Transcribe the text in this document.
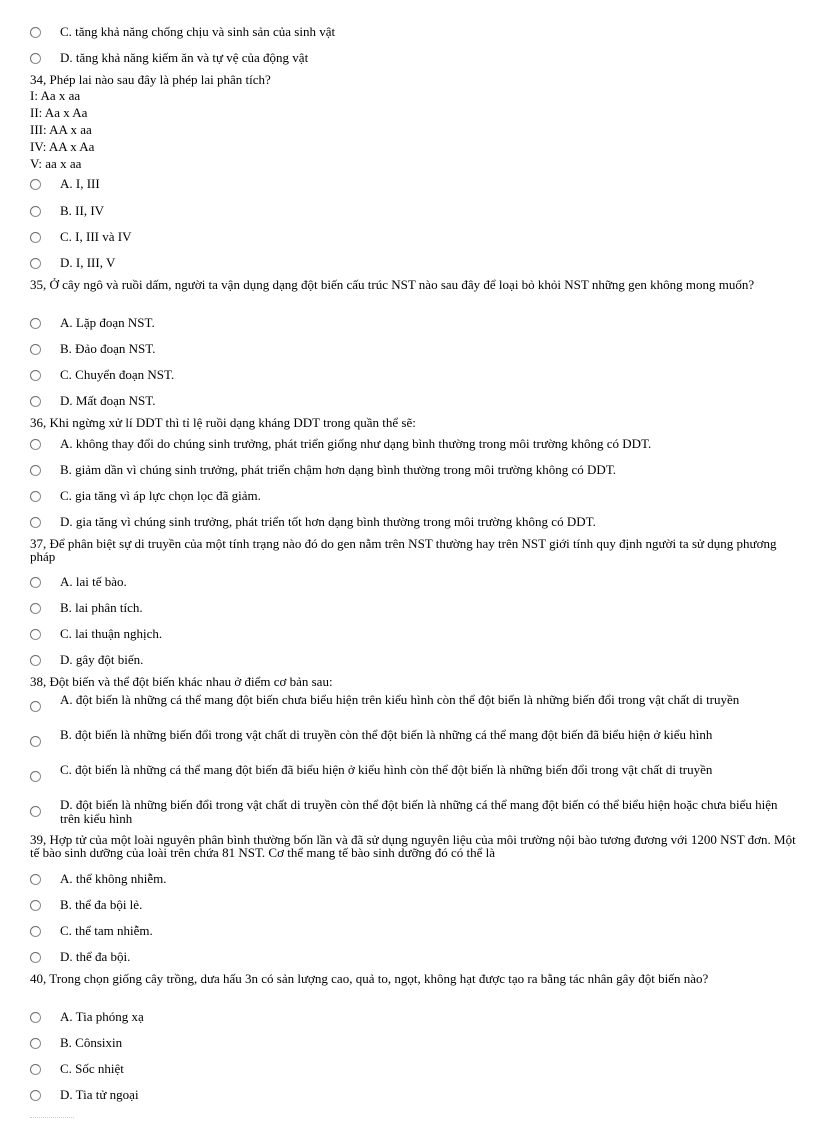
C. tăng khả năng chống chịu và sinh sản của sinh vật
D. tăng khả năng kiếm ăn và tự vệ của động vật
34, Phép lai nào sau đây là phép lai phân tích?
I: Aa x aa
II: Aa x Aa
III: AA x aa
IV: AA x Aa
V: aa x aa
A. I, III
B. II, IV
C. I, III và IV
D. I, III, V
35, Ở cây ngô và ruồi dấm, người ta vận dụng dạng đột biến cấu trúc NST nào sau đây để loại bỏ khỏi NST những gen không mong muốn?
A. Lặp đoạn NST.
B. Đảo đoạn NST.
C. Chuyển đoạn NST.
D. Mất đoạn NST.
36, Khi ngừng xử lí DDT thì tỉ lệ ruồi dạng kháng DDT trong quần thể sẽ:
A. không thay đổi do chúng sinh trưởng, phát triển giống như dạng bình thường trong môi trường không có DDT.
B. giảm dần vì chúng sinh trưởng, phát triển chậm hơn dạng bình thường trong môi trường không có DDT.
C. gia tăng vì áp lực chọn lọc đã giảm.
D. gia tăng vì chúng sinh trưởng, phát triển tốt hơn dạng bình thường trong môi trường không có DDT.
37, Để phân biệt sự di truyền của một tính trạng nào đó do gen nằm trên NST thường hay trên NST giới tính quy định người ta sử dụng phương pháp
A. lai tế bào.
B. lai phân tích.
C. lai thuận nghịch.
D. gây đột biến.
38, Đột biến và thể đột biến khác nhau ở điểm cơ bản sau:
A. đột biến là những cá thể mang đột biến chưa biểu hiện trên kiểu hình còn thể đột biến là những biến đổi trong vật chất di truyền
B. đột biến là những biến đổi trong vật chất di truyền còn thể đột biến là những cá thể mang đột biến đã biểu hiện ở kiểu hình
C. đột biến là những cá thể mang đột biến đã biểu hiện ở kiểu hình còn thể đột biến là những biến đổi trong vật chất di truyền
D. đột biến là những biến đổi trong vật chất di truyền còn thể đột biến là những cá thể mang đột biến có thể biểu hiện hoặc chưa biểu hiện trên kiểu hình
39, Hợp tử của một loài nguyên phân bình thường bốn lần và đã sử dụng nguyên liệu của môi trường nội bào tương đương với 1200 NST đơn. Một tế bào sinh dưỡng của loài trên chứa 81 NST. Cơ thể mang tế bào sinh dưỡng đó có thể là
A. thể không nhiễm.
B. thể đa bội lẻ.
C. thể tam nhiễm.
D. thể đa bội.
40, Trong chọn giống cây trồng, dưa hấu 3n có sản lượng cao, quả to, ngọt, không hạt được tạo ra bằng tác nhân gây đột biến nào?
A. Tia phóng xạ
B. Cônsixin
C. Sốc nhiệt
D. Tia tử ngoại
